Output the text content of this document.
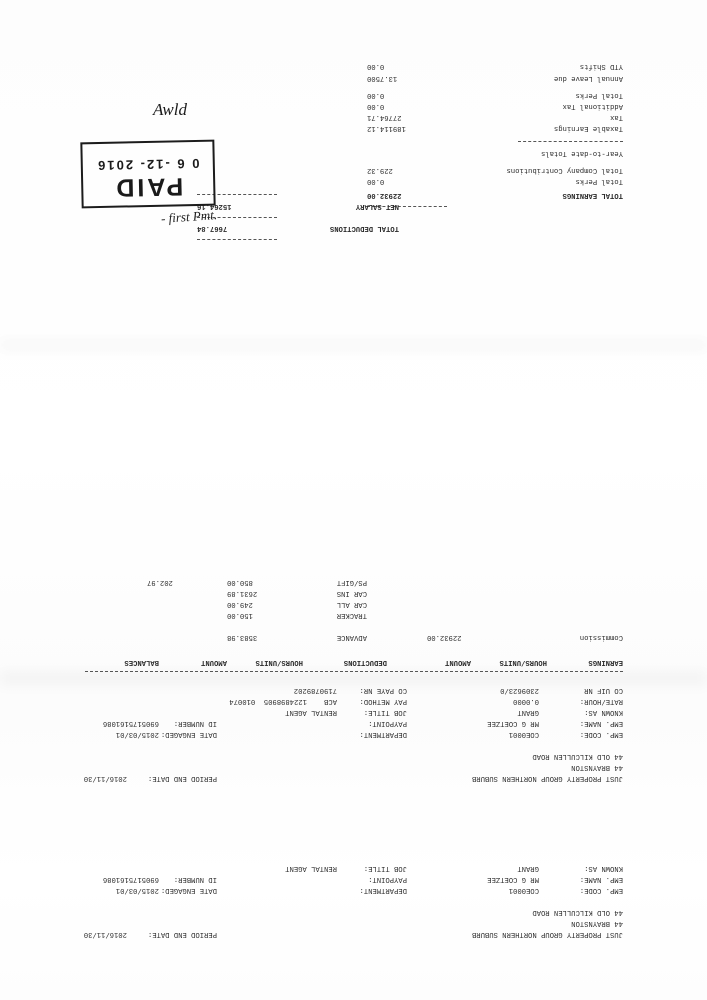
YTD Shifts
0.00
Annual Leave due
13.7500
Total Perks
0.00
Additional Tax
0.00
Tax
27764.71
Taxable Earnings
189114.12
Year-to-date Totals
Total Company Contributions
229.32
Total Perks
0.00
TOTAL EARNINGS
22932.00
NET SALARY
15264.16
TOTAL DEDUCTIONS
7667.84
PAID
0 6 -12- 2016
Awld
- first Pmt.
PS/GIFT
850.00
202.97
CAR INS
2631.89
CAR ALL
249.00
TRACKER
150.00
ADVANCE
3583.98	Commission
22932.00
EARNINGS
HOURS/UNITS
AMOUNT
DEDUCTIONS
HOURS/UNITS
AMOUNT
BALANCES
CO UIF NR
2309623/0
CO PAYE NR:
7190789202
RATE/HOUR:
0.0000
PAY METHOD:
ACB
1224898905  010074
KNOWN AS:
GRANT
JOB TITLE:
RENTAL AGENT
EMP. NAME:
MR G COETZEE
PAYPOINT:
ID NUMBER:
6905175161086
EMP. CODE:
COE0001
DEPARTMENT:
DATE ENGAGED:
2015/03/01
44 OLD KILCULLEN ROAD
44 BRAYNSTON
JUST PROPERTY GROUP NORTHERN SUBURB
PERIOD END DATE:
2016/11/30
KNOWN AS:
GRANT
JOB TITLE:
RENTAL AGENT
EMP. NAME:
MR G COETZEE
PAYPOINT:
ID NUMBER:
6905175161086
EMP. CODE:
COE0001
DEPARTMENT:
DATE ENGAGED:
2015/03/01
44 OLD KILCULLEN ROAD
44 BRAYNSTON
JUST PROPERTY GROUP NORTHERN SUBURB
PERIOD END DATE:
2016/11/30
